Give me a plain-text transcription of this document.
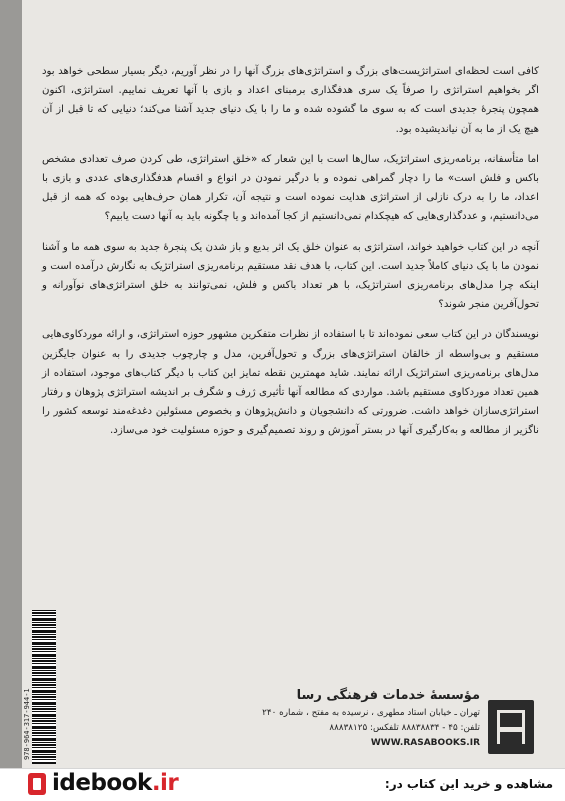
کافی است لحظه‌ای استراتژیست‌های بزرگ و استراتژی‌های بزرگ آنها را در نظر آوریم، دیگر بسیار سطحی خواهد بود اگر بخواهیم استراتژی را صرفاً یک سری هدفگذاری برمبنای اعداد و بازی با آنها تعریف نماییم. استراتژی، اکنون همچون پنجرهٔ جدیدی است که به سوی ما گشوده شده و ما را با یک دنیای جدید آشنا می‌کند؛ دنیایی که تا قبل از آن هیچ یک از ما به آن نیاندیشیده بود.

اما متأسفانه، برنامه‌ریزی استراتژیک، سال‌ها است با این شعار که «خلق استراتژی، طی کردن صرف تعدادی مشخص باکس و فلش است» ما را دچار گمراهی نموده و با درگیر نمودن در انواع و اقسام هدفگذاری‌های عددی و بازی با اعداد، ما را به درک نازلی از استراتژی هدایت نموده است و نتیجه آن، تکرار همان حرف‌هایی بوده که همه از قبل می‌دانستیم، و عددگذاری‌هایی که هیچکدام نمی‌دانستیم از کجا آمده‌اند و یا چگونه باید به آنها دست یابیم؟

آنچه در این کتاب خواهید خواند، استراتژی به عنوان خلق یک اثر بدیع و باز شدن یک پنجرهٔ جدید به سوی همه ما و آشنا نمودن ما با یک دنیای کاملاً جدید است. این کتاب، با هدف نقد مستقیم برنامه‌ریزی استراتژیک به نگارش درآمده است و اینکه چرا مدل‌های برنامه‌ریزی استراتژیک، با هر تعداد باکس و فلش، نمی‌توانند به خلق استراتژی‌های نوآورانه و تحول‌آفرین منجر شوند؟

نویسندگان در این کتاب سعی نموده‌اند تا با استفاده از نظرات متفکرین مشهور حوزه استراتژی، و ارائه موردکاوی‌هایی مستقیم و بی‌واسطه از خالقان استراتژی‌های بزرگ و تحول‌آفرین، مدل و چارچوب جدیدی را به عنوان جایگزین مدل‌های برنامه‌ریزی استراتژیک ارائه نمایند. شاید مهمترین نقطه تمایز این کتاب با دیگر کتاب‌های موجود، استفاده از همین تعداد موردکاوی مستقیم باشد. مواردی که مطالعه آنها تأثیری ژرف و شگرف بر اندیشه استراتژی پژوهان و رفتار استراتژی‌سازان خواهد داشت. ضرورتی که دانشجویان و دانش‌پژوهان و بخصوص مسئولین دغدغه‌مند توسعه کشور را ناگزیر از مطالعه و به‌کارگیری آنها در بستر آموزش و روند تصمیم‌گیری و حوزه مسئولیت خود می‌سازد.

978-964-317-944-1	مؤسسهٔ خدمات فرهنگی رسا
تهران ـ خیابان استاد مطهری ، نرسیده به مفتح ، شماره ۲۴۰
تلفن: ۴۵ - ۸۸۸۳۸۸۳۴ تلفکس: ۸۸۸۳۸۱۲۵
WWW.RASABOOKS.IR
idebook.ir	مشاهده و خرید این کتاب در:
